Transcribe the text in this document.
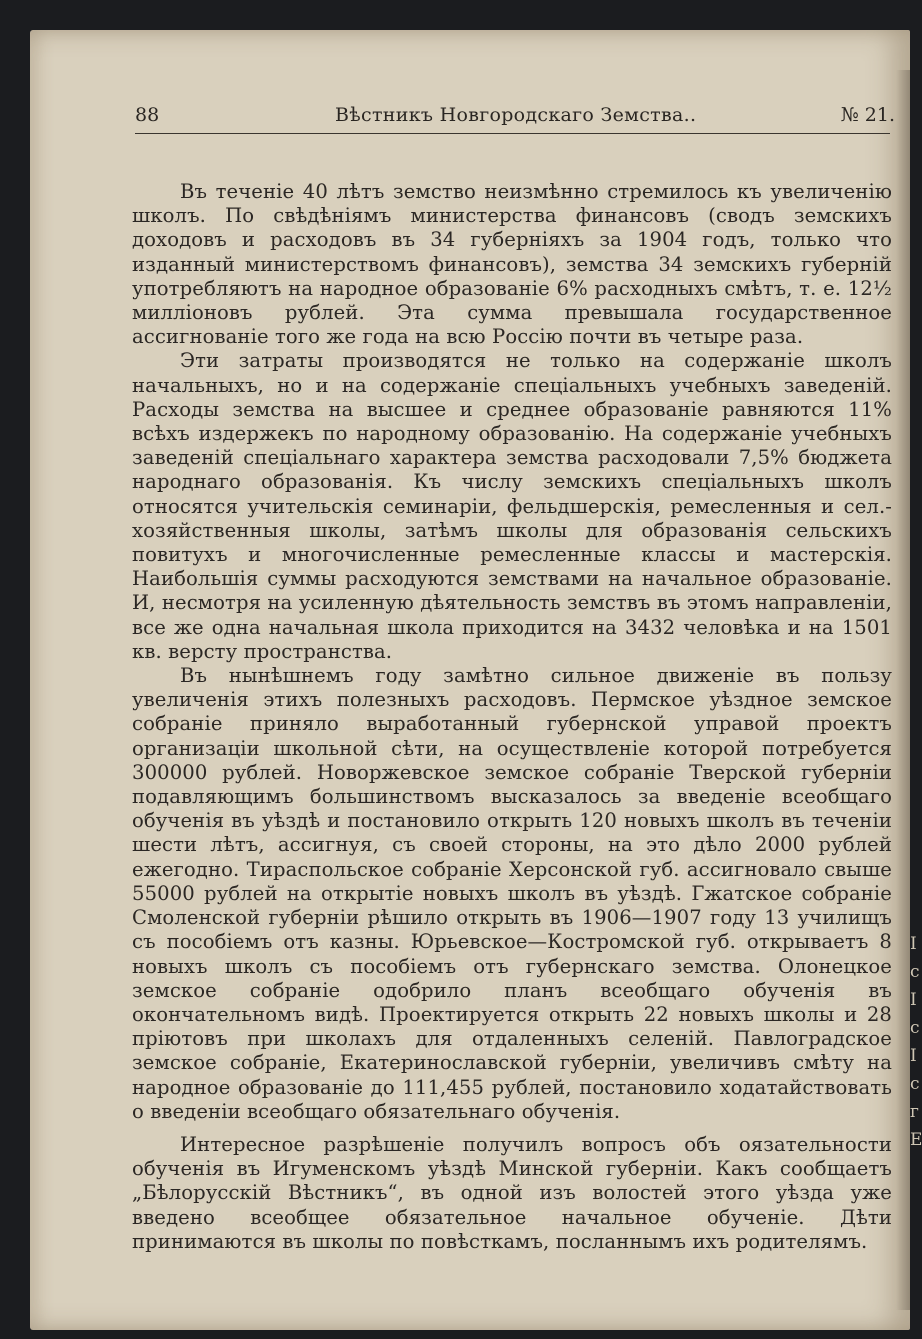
88	Вѣстникъ Новгородскаго Земства..	№ 21.

Въ теченіе 40 лѣтъ земство неизмѣнно стремилось къ увеличенію школъ. По свѣдѣніямъ министерства финансовъ (сводъ земскихъ доходовъ и расходовъ въ 34 губерніяхъ за 1904 годъ, только что изданный министерствомъ финансовъ), земства 34 земскихъ губерній употребляютъ на народное образованіе 6% расходныхъ смѣтъ, т. е. 12½ милліоновъ рублей. Эта сумма превышала государственное ассигнованіе того же года на всю Россію почти въ четыре раза.

Эти затраты производятся не только на содержаніе школъ начальныхъ, но и на содержаніе спеціальныхъ учебныхъ заведеній. Расходы земства на высшее и среднее образованіе равняются 11% всѣхъ издержекъ по народному образованію. На содержаніе учебныхъ заведеній спеціальнаго характера земства расходовали 7,5% бюджета народнаго образованія. Къ числу земскихъ спеціальныхъ школъ относятся учительскія семинаріи, фельдшерскія, ремесленныя и сел.-хозяйственныя школы, затѣмъ школы для образованія сельскихъ повитухъ и многочисленные ремесленные классы и мастерскія. Наибольшія суммы расходуются земствами на начальное образованіе. И, несмотря на усиленную дѣятельность земствъ въ этомъ направленіи, все же одна начальная школа приходится на 3432 человѣка и на 1501 кв. версту пространства.

Въ нынѣшнемъ году замѣтно сильное движеніе въ пользу увеличенія этихъ полезныхъ расходовъ. Пермское уѣздное земское собраніе приняло выработанный губернской управой проектъ организаціи школьной сѣти, на осуществленіе которой потребуется 300000 рублей. Новоржевское земское собраніе Тверской губерніи подавляющимъ большинствомъ высказалось за введеніе всеобщаго обученія въ уѣздѣ и постановило открыть 120 новыхъ школъ въ теченіи шести лѣтъ, ассигнуя, съ своей стороны, на это дѣло 2000 рублей ежегодно. Тираспольское собраніе Херсонской губ. ассигновало свыше 55000 рублей на открытіе новыхъ школъ въ уѣздѣ. Гжатское собраніе Смоленской губерніи рѣшило открыть въ 1906—1907 году 13 училищъ съ пособіемъ отъ казны. Юрьевское—Костромской губ. открываетъ 8 новыхъ школъ съ пособіемъ отъ губернскаго земства. Олонецкое земское собраніе одобрило планъ всеобщаго обученія въ окончательномъ видѣ. Проектируется открыть 22 новыхъ школы и 28 пріютовъ при школахъ для отдаленныхъ селеній. Павлоградское земское собраніе, Екатеринославской губерніи, увеличивъ смѣту на народное образованіе до 111,455 рублей, постановило ходатайствовать о введеніи всеобщаго обязательнаго обученія.

Интересное разрѣшеніе получилъ вопросъ объ оязательности обученія въ Игуменскомъ уѣздѣ Минской губерніи. Какъ сообщаетъ „Бѣлорусскій Вѣстникъ“, въ одной изъ волостей этого уѣзда уже введено всеобщее обязательное начальное обученіе. Дѣти принимаются въ школы по повѣсткамъ, посланнымъ ихъ родителямъ.

І
с
І
с
І
с
г
Е
